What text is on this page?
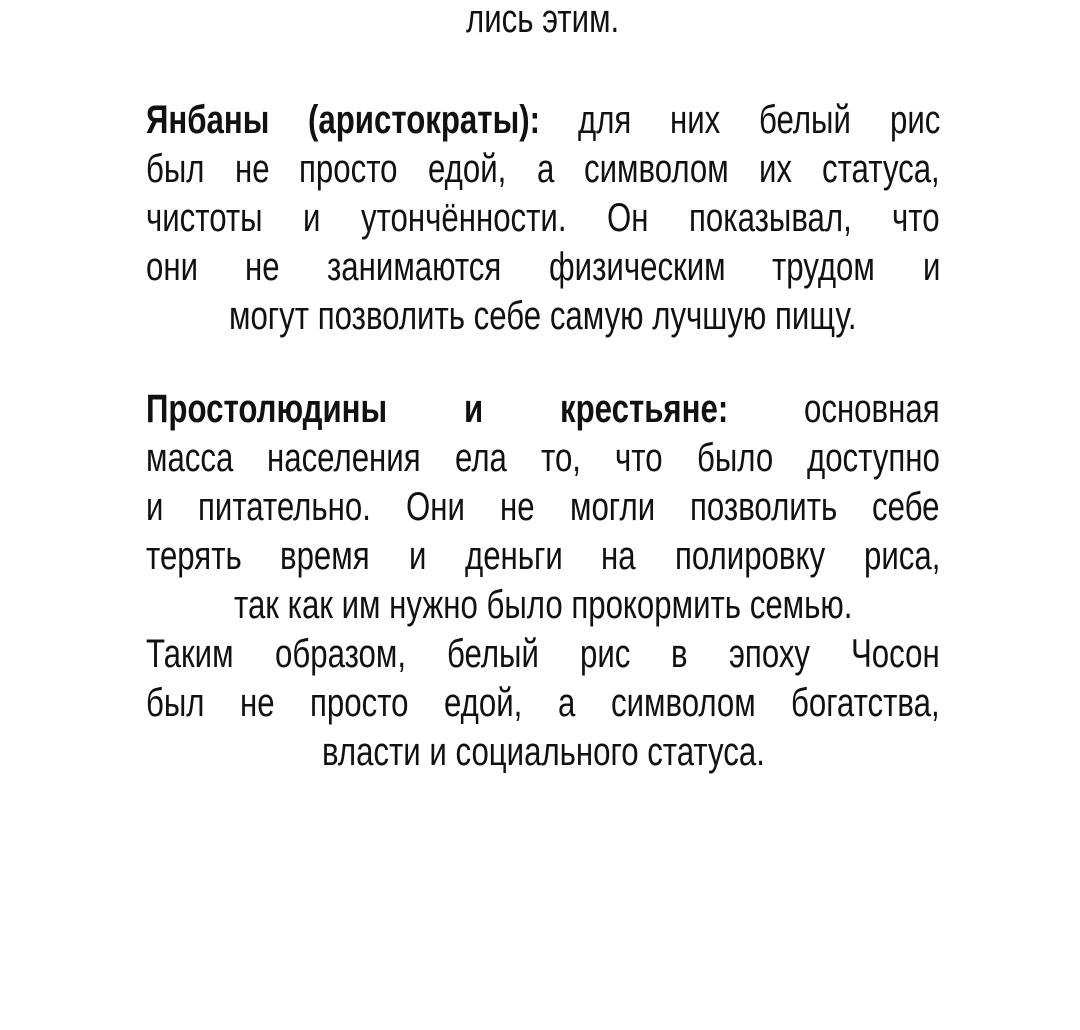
лись этим.
Янбаны (аристократы): для них белый рис
был не просто едой, а символом их статуса,
чистоты и утончённости. Он показывал, что
они не занимаются физическим трудом и
могут позволить себе самую лучшую пищу.
Простолюдины и крестьяне: основная
масса населения ела то, что было доступно
и питательно. Они не могли позволить себе
терять время и деньги на полировку риса,
так как им нужно было прокормить семью.
Таким образом, белый рис в эпоху Чосон
был не просто едой, а символом богатства,
власти и социального статуса.
